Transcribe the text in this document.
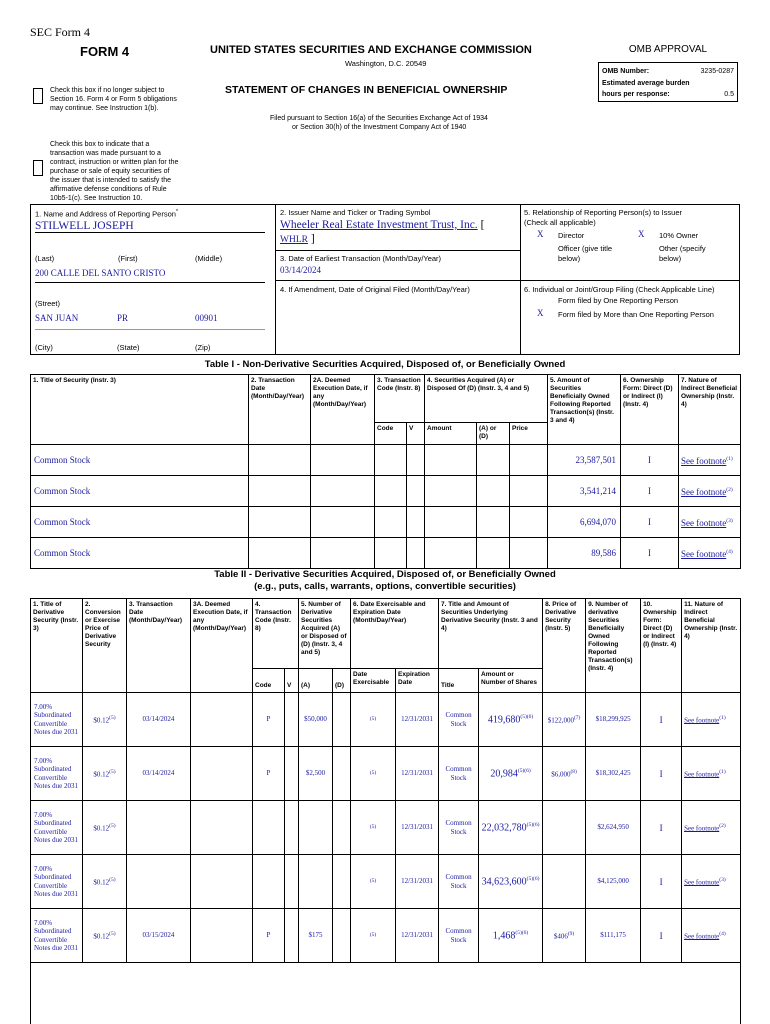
SEC Form 4
FORM 4	UNITED STATES SECURITIES AND EXCHANGE COMMISSION
Washington, D.C. 20549
OMB APPROVAL
OMB Number:	3235-0287
Estimated average burden
hours per response:	0.5
Check this box if no longer subject to Section 16. Form 4 or Form 5 obligations may continue. See Instruction 1(b).
STATEMENT OF CHANGES IN BENEFICIAL OWNERSHIP
Filed pursuant to Section 16(a) of the Securities Exchange Act of 1934
or Section 30(h) of the Investment Company Act of 1940
Check this box to indicate that a transaction was made pursuant to a contract, instruction or written plan for the purchase or sale of equity securities of the issuer that is intended to satisfy the affirmative defense conditions of Rule 10b5-1(c). See Instruction 10.
1. Name and Address of Reporting Person*
STILWELL JOSEPH
(Last)	(First)	(Middle)
200 CALLE DEL SANTO CRISTO
(Street)
SAN JUAN	PR	00901
(City)	(State)	(Zip)
2. Issuer Name and Ticker or Trading Symbol
Wheeler Real Estate Investment Trust, Inc. [
WHLR ]
3. Date of Earliest Transaction (Month/Day/Year)
03/14/2024
4. If Amendment, Date of Original Filed (Month/Day/Year)
5. Relationship of Reporting Person(s) to Issuer
(Check all applicable)
X Director	X 10% Owner
Officer (give title below)
Other (specify below)
6. Individual or Joint/Group Filing (Check Applicable Line)
Form filed by One Reporting Person
X Form filed by More than One Reporting Person
Table I - Non-Derivative Securities Acquired, Disposed of, or Beneficially Owned
1. Title of Security (Instr. 3)	2. Transaction Date (Month/Day/Year)	2A. Deemed Execution Date, if any (Month/Day/Year)	3. Transaction Code (Instr. 8)		4. Securities Acquired (A) or Disposed Of (D) (Instr. 3, 4 and 5)			5. Amount of Securities Beneficially Owned Following Reported Transaction(s) (Instr. 3 and 4)	6. Ownership Form: Direct (D) or Indirect (I) (Instr. 4)	7. Nature of Indirect Beneficial Ownership (Instr. 4)
			Code	V	Amount	(A) or (D)	Price			
Common Stock								23,587,501	I	See footnote$^{(1)}$
Common Stock								3,541,214	I	See footnote$^{(2)}$
Common Stock								6,694,070	I	See footnote$^{(3)}$
Common Stock								89,586	I	See footnote$^{(4)}$
Table II - Derivative Securities Acquired, Disposed of, or Beneficially Owned
(e.g., puts, calls, warrants, options, convertible securities)
1. Title of Derivative Security (Instr. 3)	2. Conversion or Exercise Price of Derivative Security	3. Transaction Date (Month/Day/Year)	3A. Deemed Execution Date, if any (Month/Day/Year)	4. Transaction Code (Instr. 8)		5. Number of Derivative Securities Acquired (A) or Disposed of (D) (Instr. 3, 4 and 5)		6. Date Exercisable and Expiration Date (Month/Day/Year)		7. Title and Amount of Securities Underlying Derivative Security (Instr. 3 and 4)		8. Price of Derivative Security (Instr. 5)	9. Number of derivative Securities Beneficially Owned Following Reported Transaction(s) (Instr. 4)	10. Ownership Form: Direct (D) or Indirect (I) (Instr. 4)	11. Nature of Indirect Beneficial Ownership (Instr. 4)
				Code	V	(A)	(D)	Date Exercisable	Expiration Date	Title	Amount or Number of Shares				
7.00% Subordinated Convertible Notes due 2031	$0.12$^{(5)}$	03/14/2024		P		$50,000		(5)	12/31/2031	Common Stock	$419,680^{(5)(6)}$	$122,000$^{(7)}$	$18,299,925	I	See footnote$^{(1)}$
7.00% Subordinated Convertible Notes due 2031	$0.12$^{(5)}$	03/14/2024		P		$2,500		(5)	12/31/2031	Common Stock	$20,984^{(5)(6)}$	$6,000$^{(8)}$	$18,302,425	I	See footnote$^{(1)}$
7.00% Subordinated Convertible Notes due 2031	$0.12$^{(5)}$							(5)	12/31/2031	Common Stock	$22,032,780^{(5)(6)}$		$2,624,950	I	See footnote$^{(2)}$
7.00% Subordinated Convertible Notes due 2031	$0.12$^{(5)}$							(5)	12/31/2031	Common Stock	$34,623,600^{(5)(6)}$		$4,125,000	I	See footnote$^{(3)}$
7.00% Subordinated Convertible Notes due 2031	$0.12$^{(5)}$	03/15/2024		P		$175		(5)	12/31/2031	Common Stock	$1,468^{(5)(6)}$	$406$^{(9)}$	$111,175	I	See footnote$^{(4)}$
